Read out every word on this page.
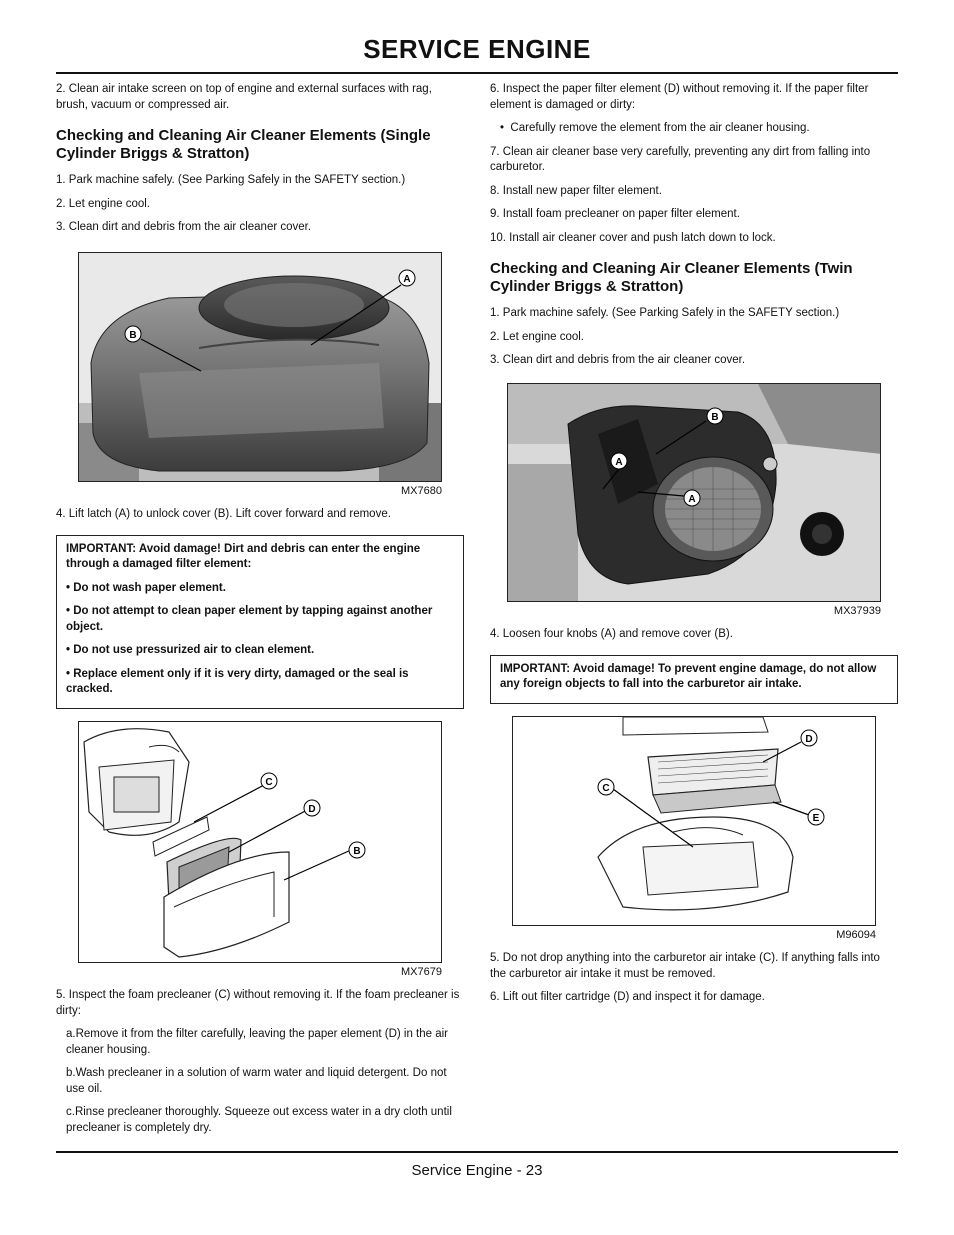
SERVICE ENGINE

2. Clean air intake screen on top of engine and external surfaces with rag, brush, vacuum or compressed air.

Checking and Cleaning Air Cleaner Elements (Single Cylinder Briggs & Stratton)

1. Park machine safely. (See Parking Safely in the SAFETY section.)

2. Let engine cool.

3. Clean dirt and debris from the air cleaner cover.

A
B
MX7680

4. Lift latch (A) to unlock cover (B). Lift cover forward and remove.

IMPORTANT: Avoid damage! Dirt and debris can enter the engine through a damaged filter element:

• Do not wash paper element.

• Do not attempt to clean paper element by tapping against another object.

• Do not use pressurized air to clean element.

• Replace element only if it is very dirty, damaged or the seal is cracked.

C
D
B
MX7679

5. Inspect the foam precleaner (C) without removing it. If the foam precleaner is dirty:

a.Remove it from the filter carefully, leaving the paper element (D) in the air cleaner housing.

b.Wash precleaner in a solution of warm water and liquid detergent. Do not use oil.

c.Rinse precleaner thoroughly. Squeeze out excess water in a dry cloth until precleaner is completely dry.

6. Inspect the paper filter element (D) without removing it. If the paper filter element is damaged or dirty:

•  Carefully remove the element from the air cleaner housing.

7. Clean air cleaner base very carefully, preventing any dirt from falling into carburetor.

8. Install new paper filter element.

9. Install foam precleaner on paper filter element.

10. Install air cleaner cover and push latch down to lock.

Checking and Cleaning Air Cleaner Elements (Twin Cylinder Briggs & Stratton)

1. Park machine safely. (See Parking Safely in the SAFETY section.)

2. Let engine cool.

3. Clean dirt and debris from the air cleaner cover.

B
A
A
MX37939

4. Loosen four knobs (A) and remove cover (B).

IMPORTANT: Avoid damage! To prevent engine damage, do not allow any foreign objects to fall into the carburetor air intake.

D
C
E
M96094

5. Do not drop anything into the carburetor air intake (C). If anything falls into the carburetor air intake it must be removed.

6. Lift out filter cartridge (D) and inspect it for damage.

Service Engine - 23
